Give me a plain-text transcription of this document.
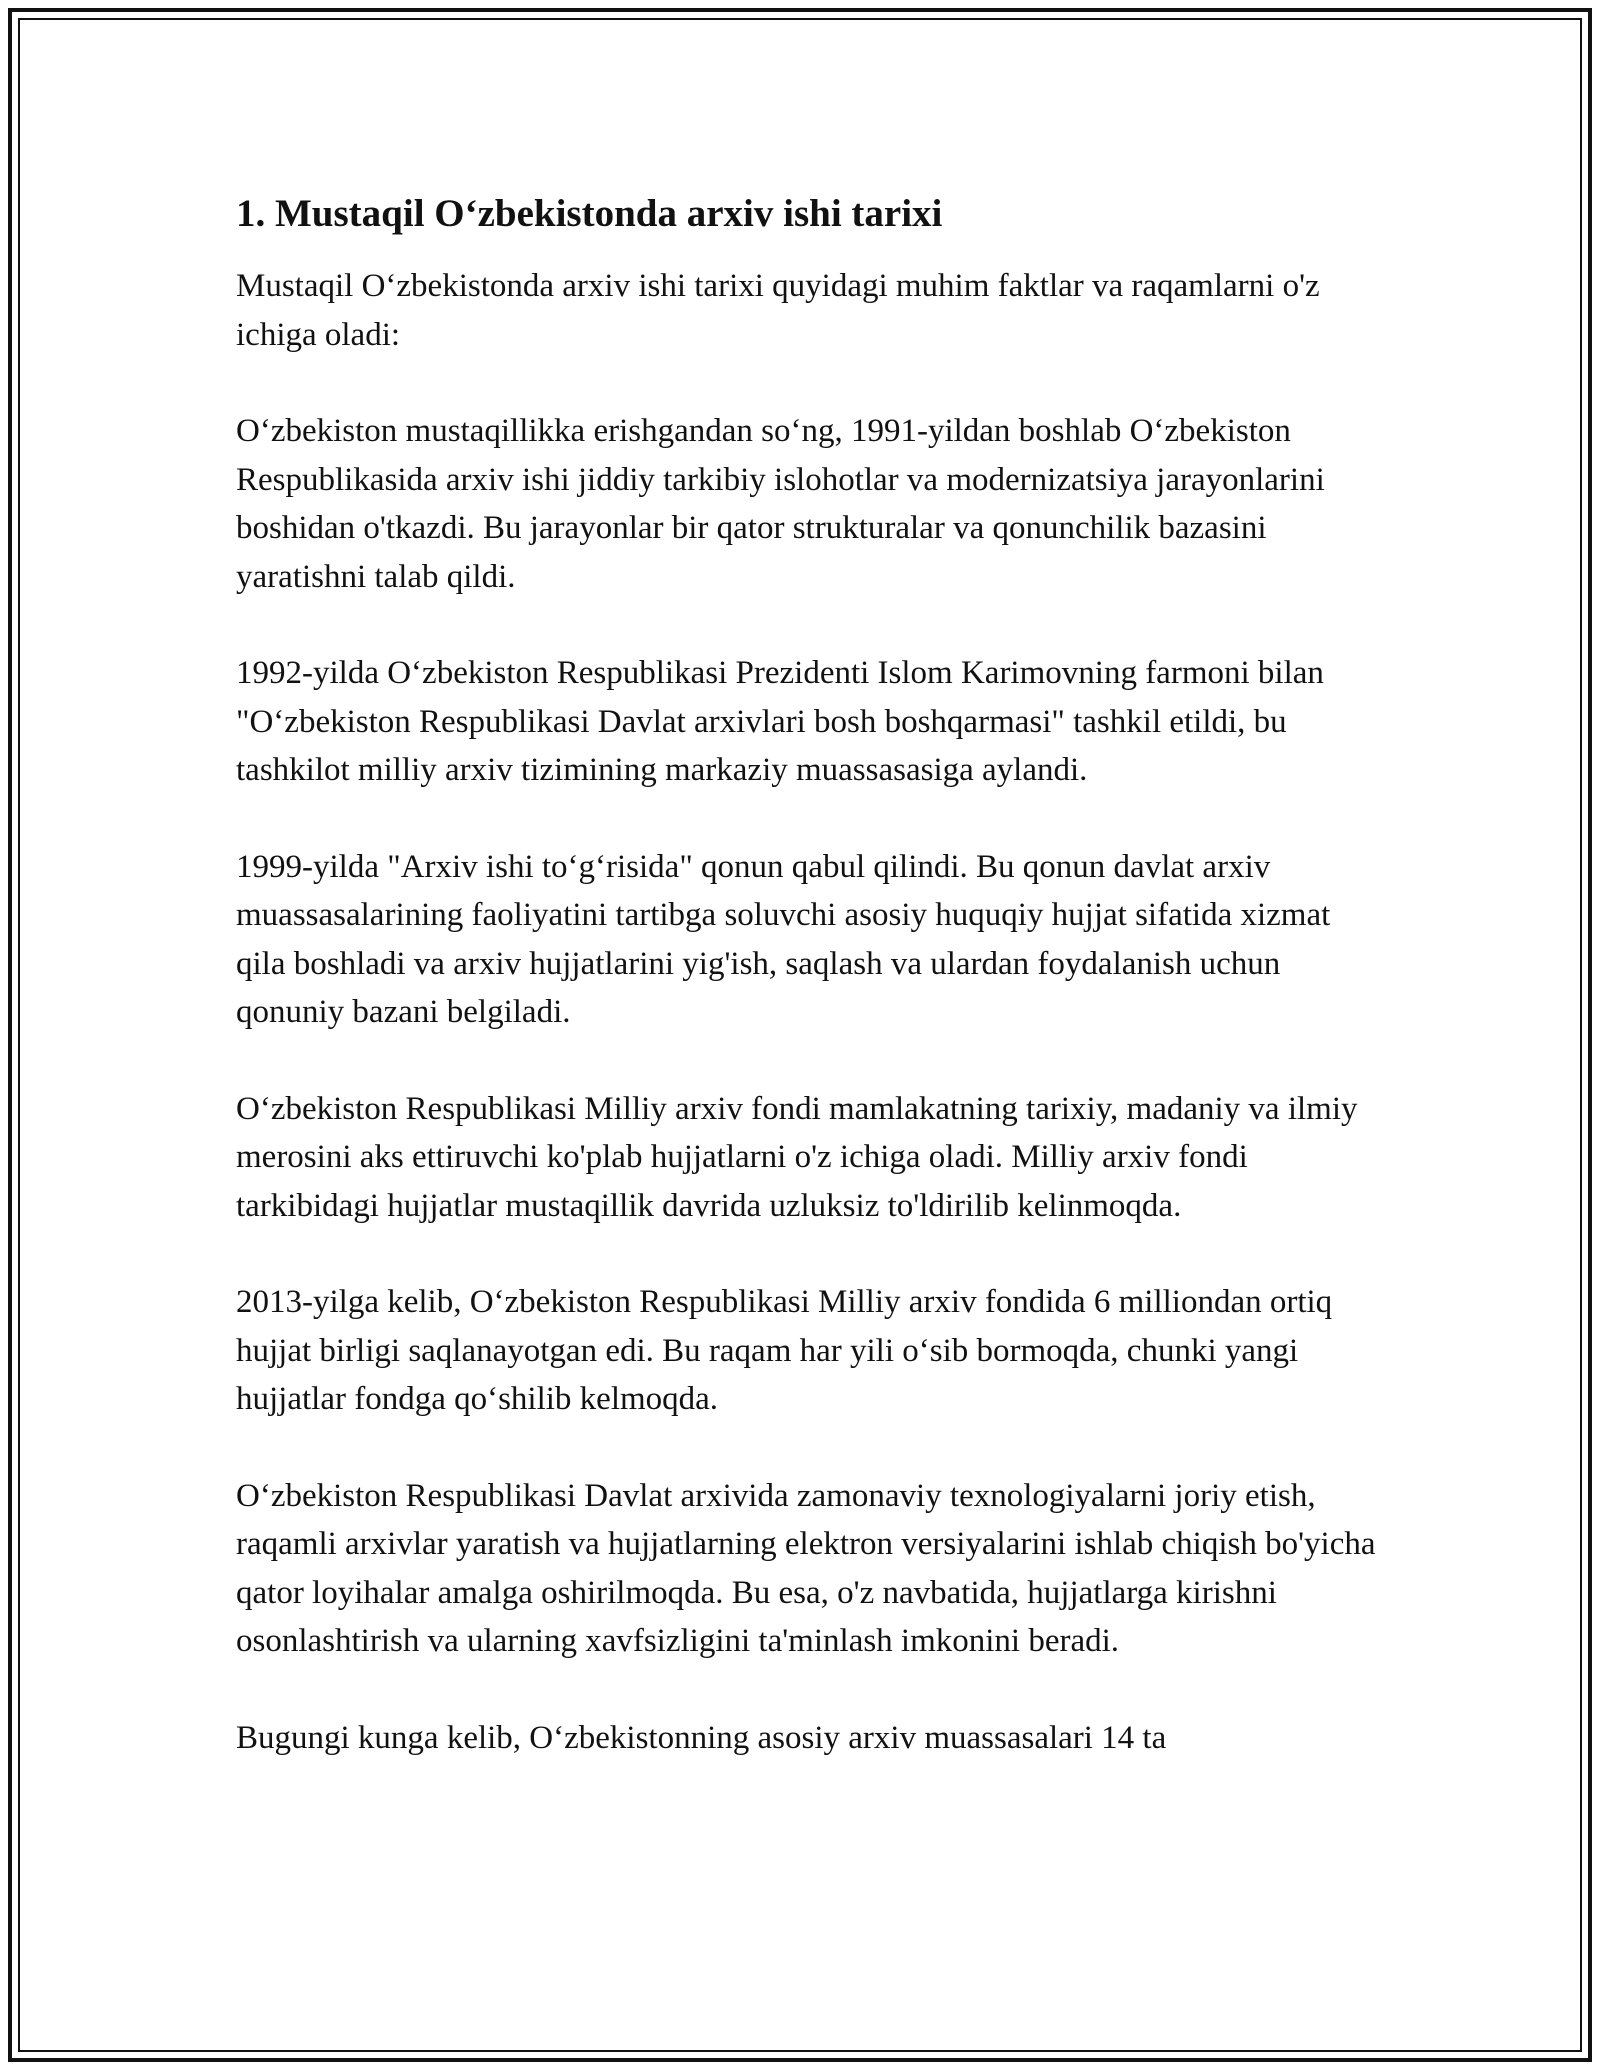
1. Mustaqil O‘zbekistonda arxiv ishi tarixi

Mustaqil O‘zbekistonda arxiv ishi tarixi quyidagi muhim faktlar va raqamlarni o'z ichiga oladi:

O‘zbekiston mustaqillikka erishgandan so‘ng, 1991-yildan boshlab O‘zbekiston Respublikasida arxiv ishi jiddiy tarkibiy islohotlar va modernizatsiya jarayonlarini boshidan o'tkazdi. Bu jarayonlar bir qator strukturalar va qonunchilik bazasini yaratishni talab qildi.

1992-yilda O‘zbekiston Respublikasi Prezidenti Islom Karimovning farmoni bilan "O‘zbekiston Respublikasi Davlat arxivlari bosh boshqarmasi" tashkil etildi, bu tashkilot milliy arxiv tizimining markaziy muassasasiga aylandi.

1999-yilda "Arxiv ishi to‘g‘risida" qonun qabul qilindi. Bu qonun davlat arxiv muassasalarining faoliyatini tartibga soluvchi asosiy huquqiy hujjat sifatida xizmat qila boshladi va arxiv hujjatlarini yig'ish, saqlash va ulardan foydalanish uchun qonuniy bazani belgiladi.

O‘zbekiston Respublikasi Milliy arxiv fondi mamlakatning tarixiy, madaniy va ilmiy merosini aks ettiruvchi ko'plab hujjatlarni o'z ichiga oladi. Milliy arxiv fondi tarkibidagi hujjatlar mustaqillik davrida uzluksiz to'ldirilib kelinmoqda.

2013-yilga kelib, O‘zbekiston Respublikasi Milliy arxiv fondida 6 milliondan ortiq hujjat birligi saqlanayotgan edi. Bu raqam har yili o‘sib bormoqda, chunki yangi hujjatlar fondga qo‘shilib kelmoqda.

O‘zbekiston Respublikasi Davlat arxivida zamonaviy texnologiyalarni joriy etish, raqamli arxivlar yaratish va hujjatlarning elektron versiyalarini ishlab chiqish bo'yicha qator loyihalar amalga oshirilmoqda. Bu esa, o'z navbatida, hujjatlarga kirishni osonlashtirish va ularning xavfsizligini ta'minlash imkonini beradi.

Bugungi kunga kelib, O‘zbekistonning asosiy arxiv muassasalari 14 ta
